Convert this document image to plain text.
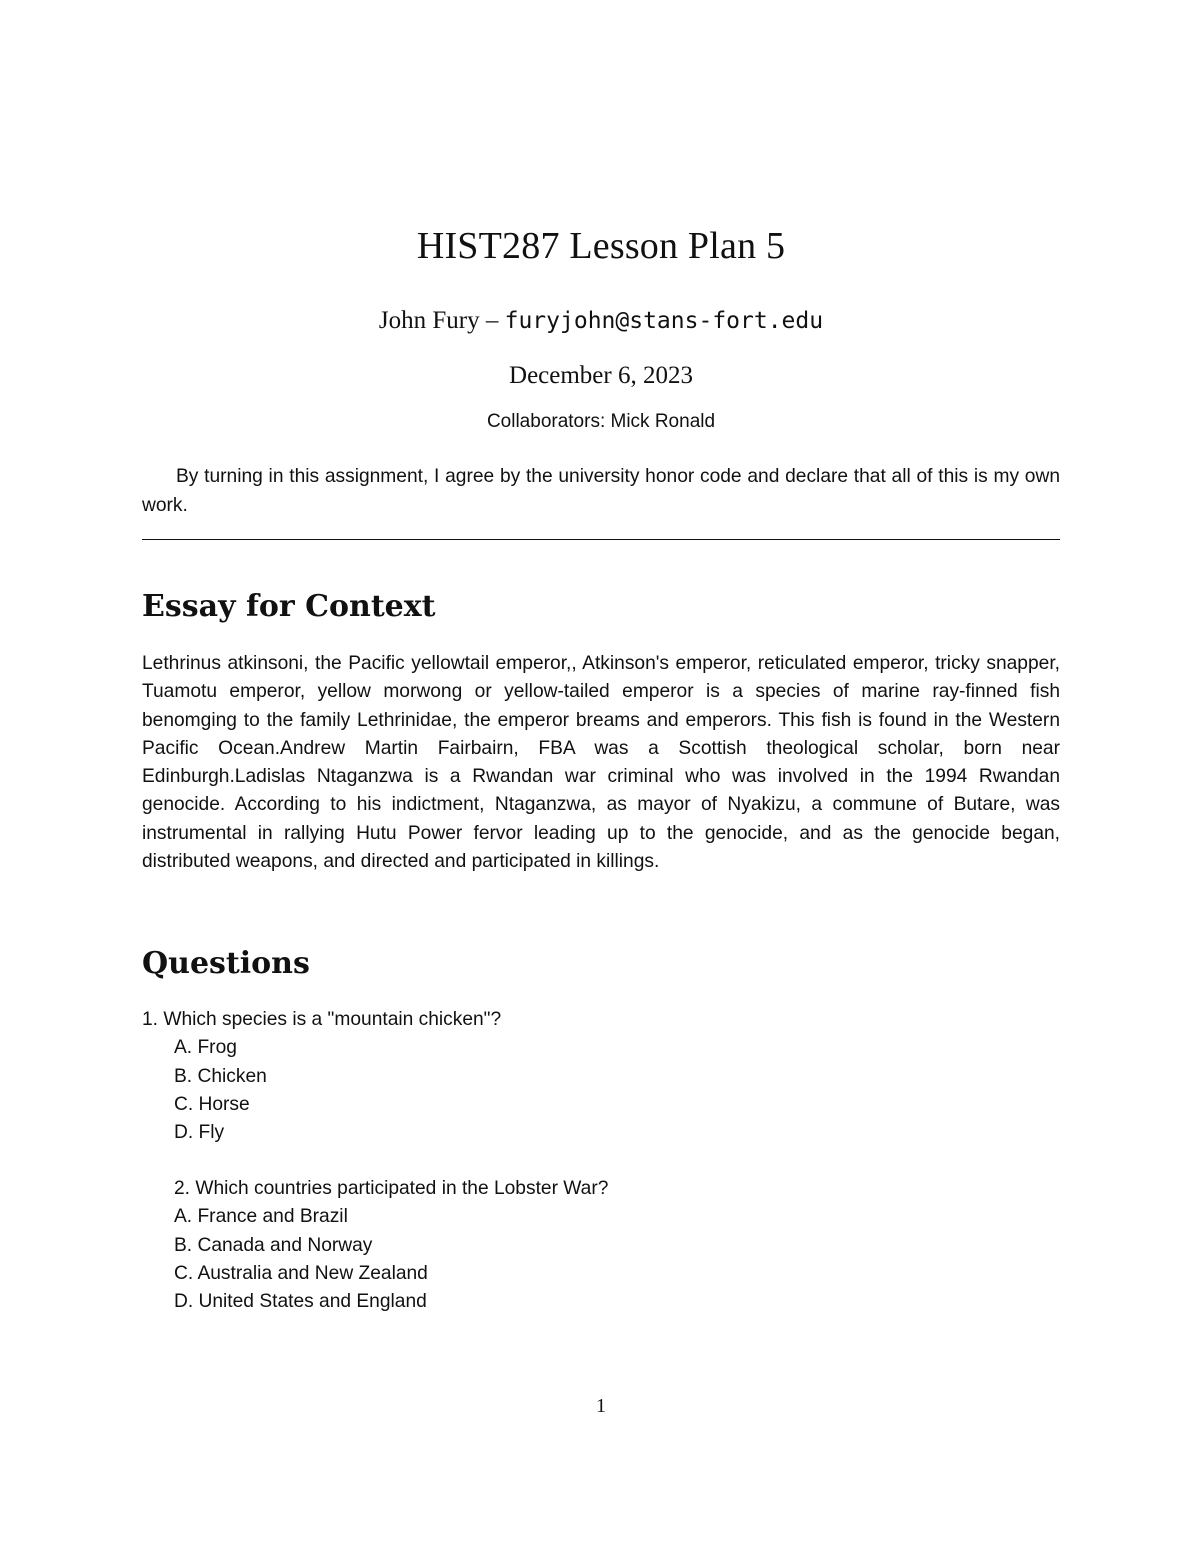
HIST287 Lesson Plan 5
John Fury – furyjohn@stans-fort.edu
December 6, 2023
Collaborators: Mick Ronald
By turning in this assignment, I agree by the university honor code and declare that all of this is my own work.
Essay for Context
Lethrinus atkinsoni, the Pacific yellowtail emperor,, Atkinson's emperor, reticulated emperor, tricky snapper, Tuamotu emperor, yellow morwong or yellow-tailed emperor is a species of marine ray-finned fish benomging to the family Lethrinidae, the emperor breams and emperors. This fish is found in the Western Pacific Ocean.Andrew Martin Fairbairn, FBA was a Scottish theological scholar, born near Edinburgh.Ladislas Ntaganzwa is a Rwandan war criminal who was involved in the 1994 Rwandan genocide. According to his indictment, Ntaganzwa, as mayor of Nyakizu, a commune of Butare, was instrumental in rallying Hutu Power fervor leading up to the genocide, and as the genocide began, distributed weapons, and directed and participated in killings.
Questions
1. Which species is a "mountain chicken"?
A. Frog
B. Chicken
C. Horse
D. Fly
2. Which countries participated in the Lobster War?
A. France and Brazil
B. Canada and Norway
C. Australia and New Zealand
D. United States and England
1
